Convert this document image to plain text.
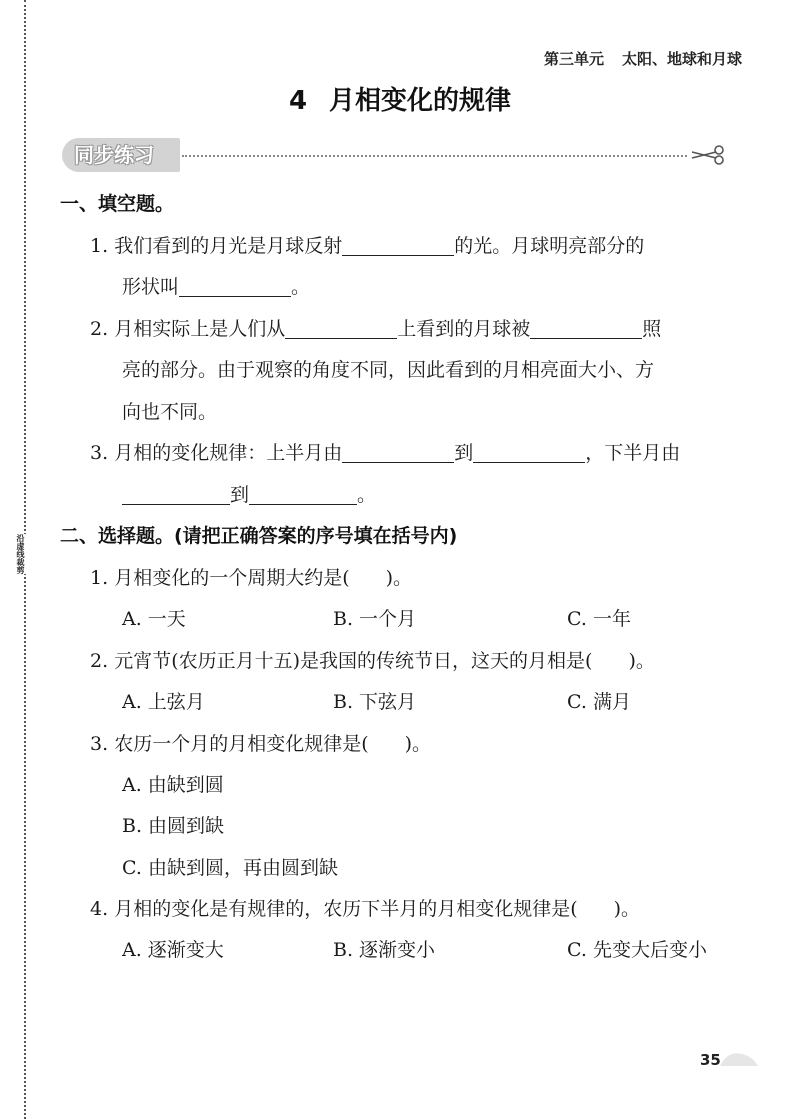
沿虚线裁剪
第三单元 太阳、地球和月球
4 月相变化的规律
同步练习
一、填空题。
1. 我们看到的月光是月球反射	的光。月球明亮部分的
形状叫	。
2. 月相实际上是人们从	上看到的月球被	照
亮的部分。由于观察的角度不同，因此看到的月相亮面大小、方
向也不同。
3. 月相的变化规律：上半月由	到	，下半月由
到	。
二、选择题。(请把正确答案的序号填在括号内)
1. 月相变化的一个周期大约是( )。
A. 一天	B. 一个月	C. 一年
2. 元宵节(农历正月十五)是我国的传统节日，这天的月相是( )。
A. 上弦月	B. 下弦月	C. 满月
3. 农历一个月的月相变化规律是( )。
A. 由缺到圆
B. 由圆到缺
C. 由缺到圆，再由圆到缺
4. 月相的变化是有规律的，农历下半月的月相变化规律是( )。
A. 逐渐变大	B. 逐渐变小	C. 先变大后变小
35
